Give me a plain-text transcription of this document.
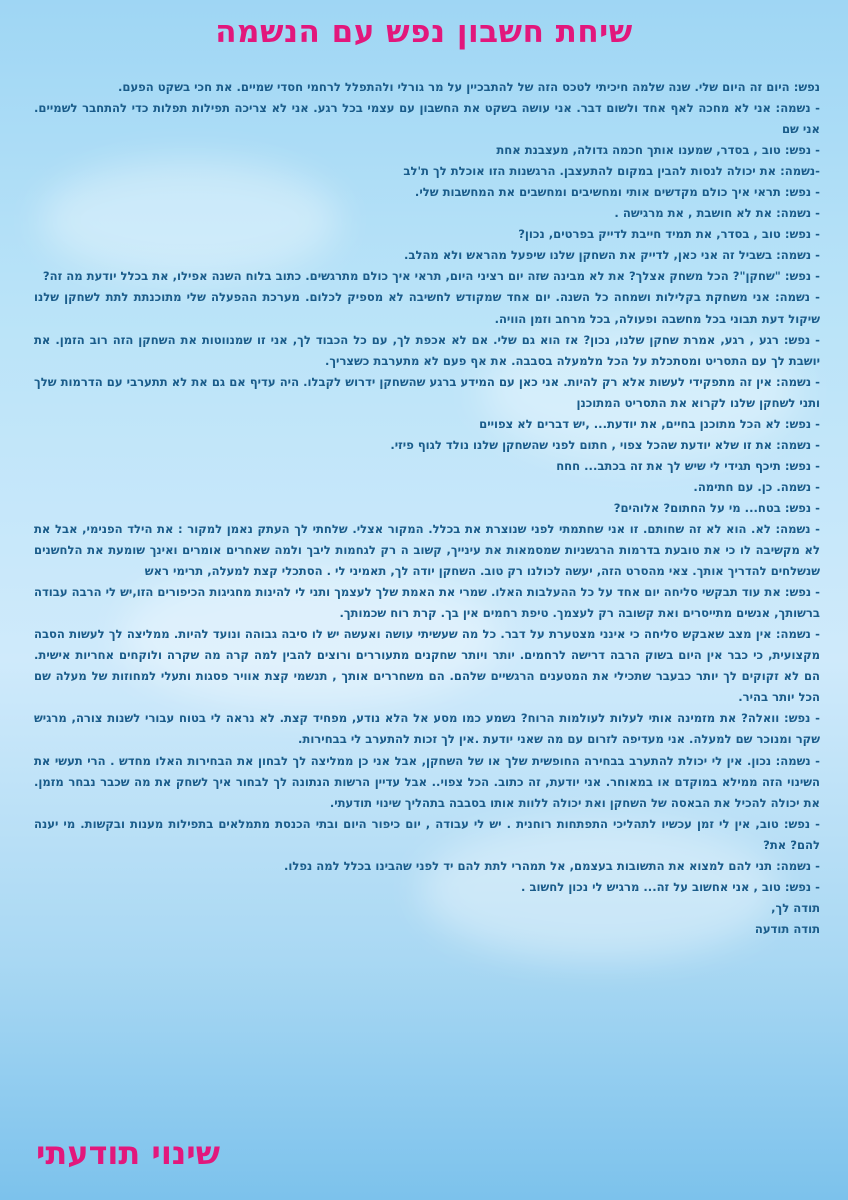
שיחת חשבון נפש עם הנשמה

נפש: היום זה היום שלי. שנה שלמה חיכיתי לטכס הזה של להתבכיין על מר גורלי ולהתפלל לרחמי חסדי שמיים. את חכי בשקט הפעם.

- נשמה: אני לא מחכה לאף אחד ולשום דבר. אני עושה בשקט את החשבון עם עצמי בכל רגע. אני לא צריכה תפילות תפלות כדי להתחבר לשמיים. אני שם

- נפש: טוב , בסדר, שמענו אותך חכמה גדולה, מעצבנת אחת

-נשמה: את יכולה לנסות להבין במקום להתעצבן. הרגשנות הזו אוכלת לך ת'לב

- נפש: תראי איך כולם מקדשים אותי ומחשיבים ומחשבים את המחשבות שלי.

- נשמה: את לא חושבת , את מרגישה .

- נפש: טוב , בסדר, את תמיד חייבת לדייק בפרטים, נכון?

- נשמה: בשביל זה אני כאן, לדייק את השחקן שלנו שיפעל מהראש ולא מהלב.

- נפש: "שחקן"? הכל משחק אצלך? את לא מבינה שזה יום רציני היום, תראי איך כולם מתרגשים. כתוב בלוח השנה אפילו, את בכלל יודעת מה זה?

- נשמה: אני משחקת בקלילות ושמחה כל השנה. יום אחד שמקודש לחשיבה לא מספיק לכלום. מערכת ההפעלה שלי מתוכנתת לתת לשחקן שלנו שיקול דעת תבוני בכל מחשבה ופעולה, בכל מרחב וזמן הוויה.

- נפש: רגע , רגע, אמרת שחקן שלנו, נכון? אז הוא גם שלי. אם לא אכפת לך, עם כל הכבוד לך, אני זו שמנווטות את השחקן הזה רוב הזמן. את יושבת לך עם התסריט ומסתכלת על הכל מלמעלה בסבבה. את אף פעם לא מתערבת כשצריך.

- נשמה: אין זה מתפקידי לעשות אלא רק להיות. אני כאן עם המידע ברגע שהשחקן ידרוש לקבלו. היה עדיף אם גם את לא תתערבי עם הדרמות שלך ותני לשחקן שלנו לקרוא את התסריט המתוכנן

- נפש: לא הכל מתוכנן בחיים, את יודעת... ,יש דברים לא צפויים

- נשמה: את זו שלא יודעת שהכל צפוי , חתום לפני שהשחקן שלנו נולד לגוף פיזי.

- נפש: תיכף תגידי לי שיש לך את זה בכתב... חחח

- נשמה. כן. עם חתימה.

- נפש: בטח... מי על החתום? אלוהים?

- נשמה: לא. הוא לא זה שחותם. זו אני שחתמתי לפני שנוצרת את בכלל. המקור אצלי. שלחתי לך העתק נאמן למקור : את הילד הפנימי, אבל את לא מקשיבה לו כי את טובעת בדרמות הרגשניות שמסמאות את עינייך, קשוב ה רק לגחמות ליבך ולמה שאחרים אומרים ואינך שומעת את הלחשנים שנשלחים להדריך אותך. צאי מהסרט הזה, יעשה לכולנו רק טוב. השחקן יודה לך, תאמיני לי . הסתכלי קצת למעלה, תרימי ראש

- נפש: את עוד תבקשי סליחה יום אחד על כל ההעלבות האלו. שמרי את האמת שלך לעצמך ותני לי להינות מחגיגות הכיפורים הזו,יש לי הרבה עבודה ברשותך, אנשים מתייסרים ואת קשובה רק לעצמך. טיפת רחמים אין בך. קרת רוח שכמותך.

- נשמה: אין מצב שאבקש סליחה כי אינני מצטערת על דבר. כל מה שעשיתי עושה ואעשה יש לו סיבה גבוהה ונועד להיות. ממליצה לך לעשות הסבה מקצועית, כי כבר אין היום בשוק הרבה דרישה לרחמים. יותר ויותר שחקנים מתעוררים ורוצים להבין למה קרה מה שקרה ולוקחים אחריות אישית. הם לא זקוקים לך יותר כבעבר שתכילי את המטענים הרגשיים שלהם. הם משחררים אותך , תנשמי קצת אוויר פסגות ותעלי למחוזות של מעלה שם הכל יותר בהיר.

- נפש: וואלה? את מזמינה אותי לעלות לעולמות הרוח? נשמע כמו מסע אל הלא נודע, מפחיד קצת. לא נראה לי בטוח עבורי לשנות צורה, מרגיש שקר ומנוכר שם למעלה. אני מעדיפה לזרום עם מה שאני יודעת .אין לך זכות להתערב לי בבחירות.

- נשמה: נכון. אין לי יכולת להתערב בבחירה החופשית שלך או של השחקן, אבל אני כן ממליצה לך לבחון את הבחירות האלו מחדש . הרי תעשי את השינוי הזה ממילא במוקדם או במאוחר. אני יודעת, זה כתוב. הכל צפוי.. אבל עדיין הרשות הנתונה לך לבחור איך לשחק את מה שכבר נבחר מזמן. את יכולה להכיל את הבאסה של השחקן ואת יכולה ללוות אותו בסבבה בתהליך שינוי תודעתי.

- נפש: טוב, אין לי זמן עכשיו לתהליכי התפתחות רוחנית . יש לי עבודה , יום כיפור היום ובתי הכנסת מתמלאים בתפילות מענות ובקשות. מי יענה להם? את?

- נשמה: תני להם למצוא את התשובות בעצמם, אל תמהרי לתת להם יד לפני שהבינו בכלל למה נפלו.

- נפש: טוב , אני אחשוב על זה... מרגיש לי נכון לחשוב .

תודה לך,

תודה תודעה

שינוי תודעתי
